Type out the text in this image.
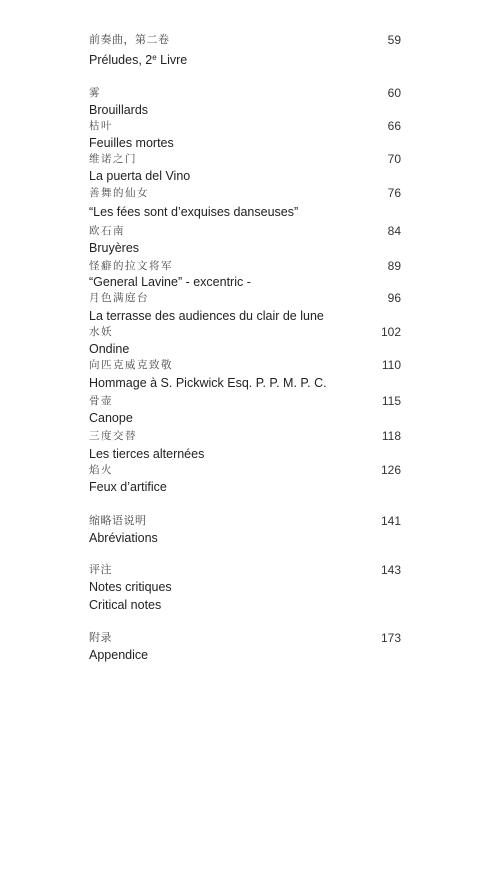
前奏曲，第二卷	59
Préludes, 2e Livre
雾	60
Brouillards
枯叶	66
Feuilles mortes
维诺之门	70
La puerta del Vino
善舞的仙女	76
“Les fées sont d’exquises danseuses”
欧石南	84
Bruyères
怪癖的拉文将军	89
“General Lavine” - excentric -
月色满庭台	96
La terrasse des audiences du clair de lune
水妖	102
Ondine
向匹克威克致敬	110
Hommage à S. Pickwick Esq. P. P. M. P. C.
骨壶	115
Canope
三度交替	118
Les tierces alternées
焰火	126
Feux d’artifice
缩略语说明	141
Abréviations
评注	143
Notes critiques
Critical notes
附录	173
Appendice
